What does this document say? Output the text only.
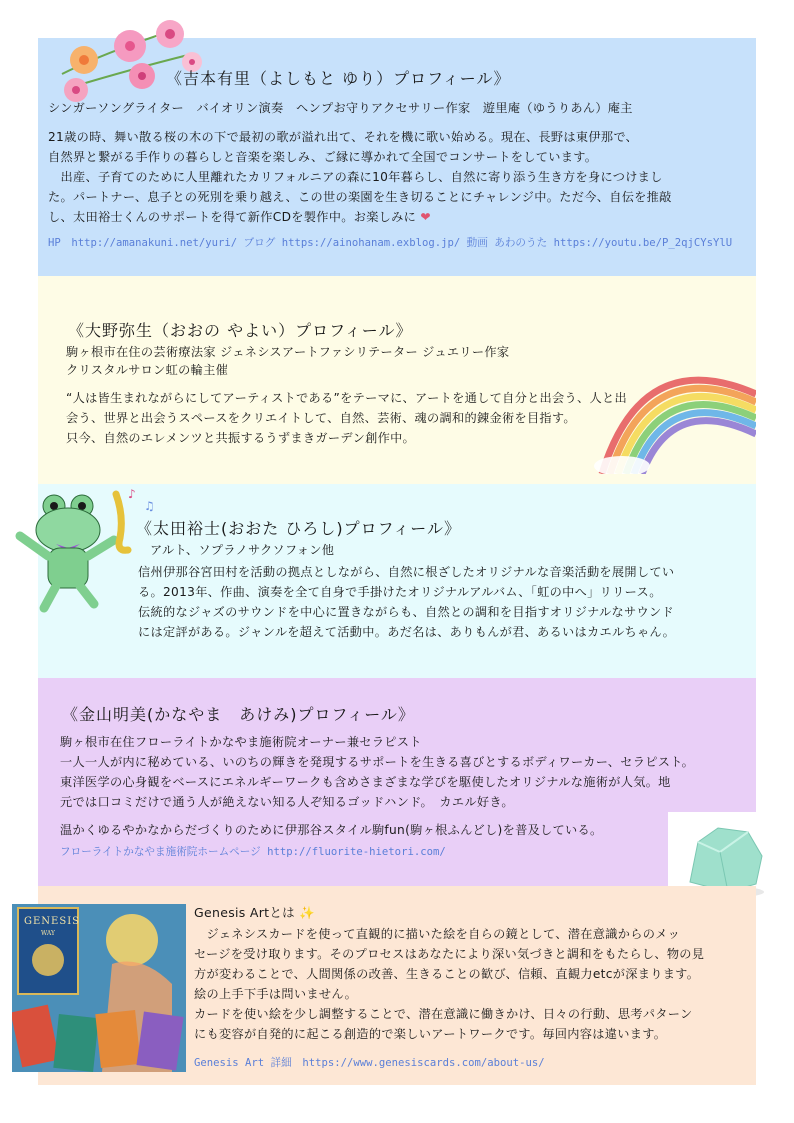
《吉本有里（よしもと ゆり）プロフィール》
シンガーソングライター　バイオリン演奏　ヘンプお守りアクセサリー作家　遊里庵（ゆうりあん）庵主
21歳の時、舞い散る桜の木の下で最初の歌が溢れ出て、それを機に歌い始める。現在、長野は東伊那で、
自然界と繋がる手作りの暮らしと音楽を楽しみ、ご縁に導かれて全国でコンサートをしています。
　出産、子育てのために人里離れたカリフォルニアの森に10年暮らし、自然に寄り添う生き方を身につけまし
た。パートナー、息子との死別を乗り越え、この世の楽園を生き切ることにチャレンジ中。ただ今、自伝を推敲
し、太田裕士くんのサポートを得て新作CDを製作中。お楽しみに ❤
HP　http://amanakuni.net/yuri/ ブログ https://ainohanam.exblog.jp/ 動画 あわのうた https://youtu.be/P_2qjCYsYlU
《大野弥生（おおの やよい）プロフィール》
駒ヶ根市在住の芸術療法家 ジェネシスアートファシリテーター ジュエリー作家
クリスタルサロン虹の輪主催
“人は皆生まれながらにしてアーティストである”をテーマに、アートを通して自分と出会う、人と出
会う、世界と出会うスペースをクリエイトして、自然、芸術、魂の調和的錬金術を目指す。
只今、自然のエレメンツと共振するうずまきガーデン創作中。
《太田裕士(おおた ひろし)プロフィール》
アルト、ソプラノサクソフォン他
信州伊那谷宮田村を活動の拠点としながら、自然に根ざしたオリジナルな音楽活動を展開してい
る。2013年、作曲、演奏を全て自身で手掛けたオリジナルアルバム、「虹の中へ」リリース。
伝統的なジャズのサウンドを中心に置きながらも、自然との調和を目指すオリジナルなサウンド
には定評がある。ジャンルを超えて活動中。あだ名は、ありもんが君、あるいはカエルちゃん。
♪
♫
《金山明美(かなやま　あけみ)プロフィール》
駒ヶ根市在住フローライトかなやま施術院オーナー兼セラピスト
一人一人が内に秘めている、いのちの輝きを発現するサポートを生きる喜びとするボディワーカー、セラピスト。
東洋医学の心身観をベースにエネルギーワークも含めさまざまな学びを駆使したオリジナルな施術が人気。地
元では口コミだけで通う人が絶えない知る人ぞ知るゴッドハンド。　カエル好き。
温かくゆるやかなからだづくりのために伊那谷スタイル駒fun(駒ヶ根ふんどし)を普及している。
フローライトかなやま施術院ホームページ http://fluorite-hietori.com/
Genesis Artとは ✨
　ジェネシスカードを使って直観的に描いた絵を自らの鏡として、潜在意識からのメッ
セージを受け取ります。そのプロセスはあなたにより深い気づきと調和をもたらし、物の見
方が変わることで、人間関係の改善、生きることの歓び、信頼、直観力etcが深まります。
絵の上手下手は問いません。
カードを使い絵を少し調整することで、潜在意識に働きかけ、日々の行動、思考パターン
にも変容が自発的に起こる創造的で楽しいアートワークです。毎回内容は違います。
Genesis Art 詳細　https://www.genesiscards.com/about-us/
GENESIS
WAY
